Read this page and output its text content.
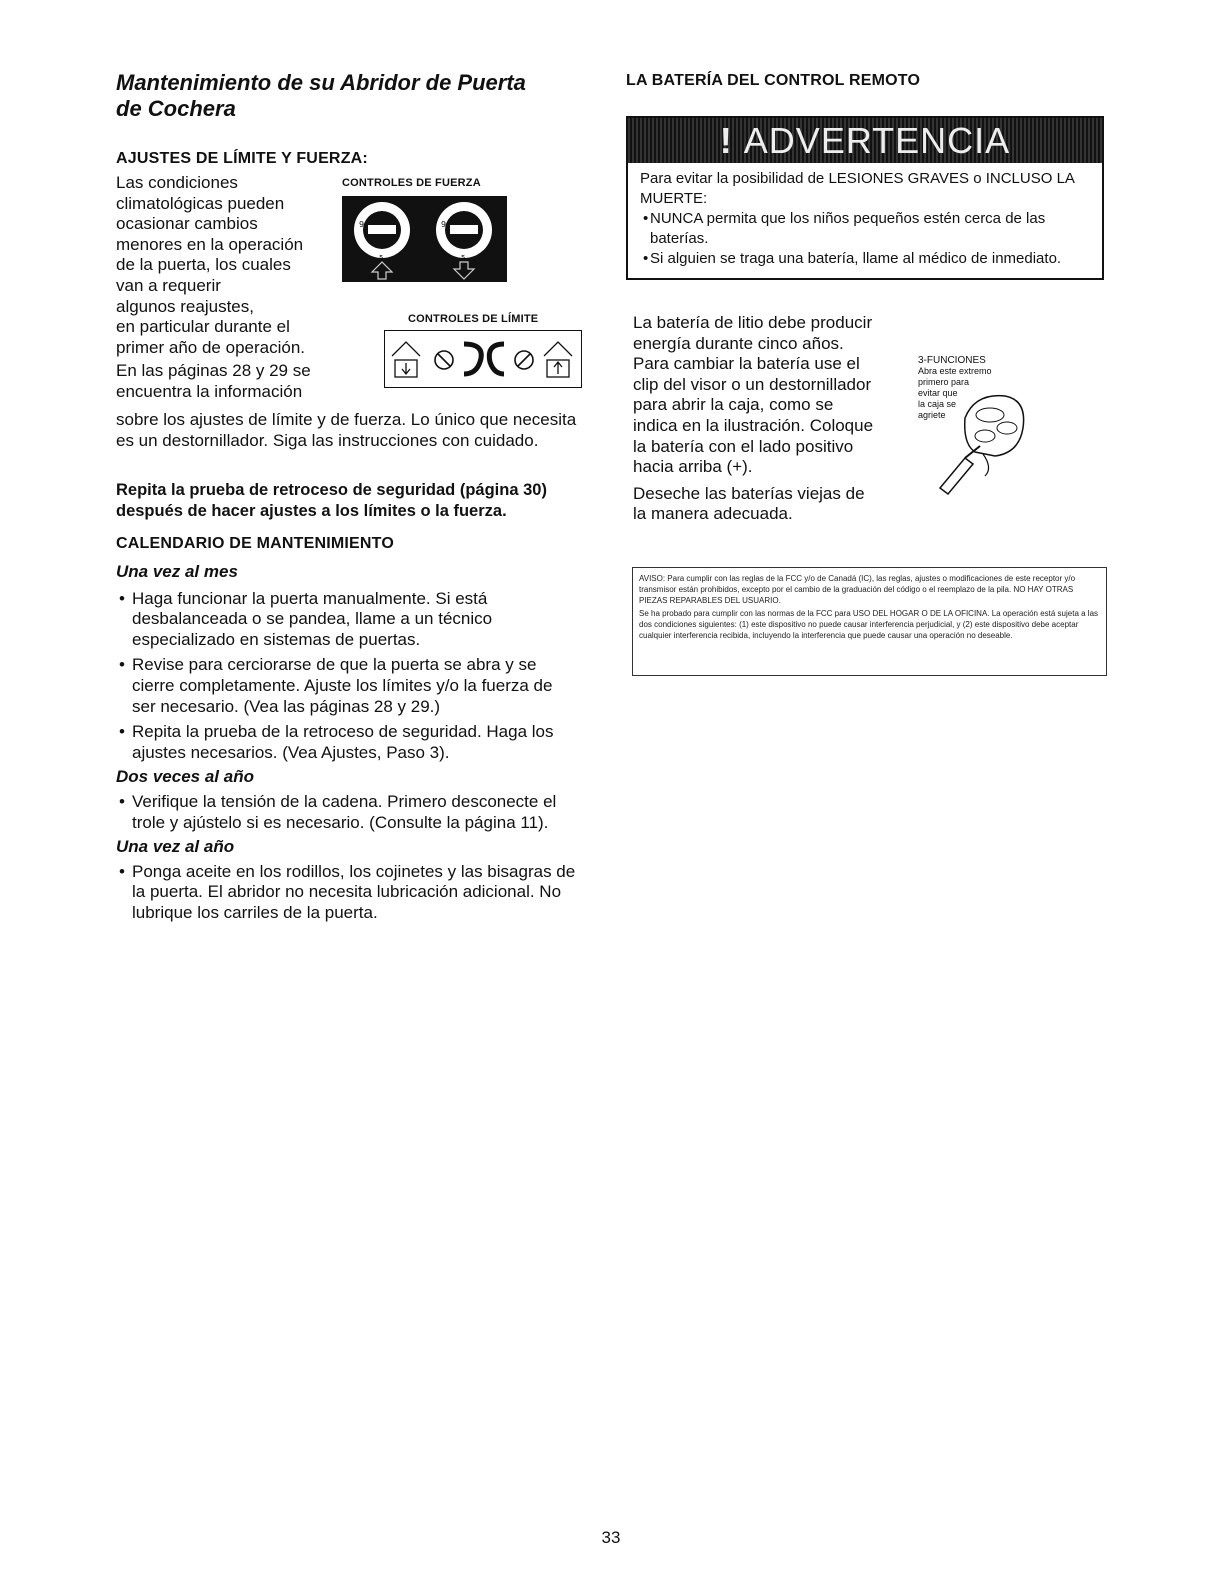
Mantenimiento de su Abridor de Puerta de Cochera
AJUSTES DE LÍMITE Y FUERZA:
Las condiciones
climatológicas pueden
ocasionar cambios
menores en la operación
de la puerta, los cuales
van a requerir
algunos reajustes,
en particular durante el
primer año de operación.
En las páginas 28 y 29 se
encuentra la información
CONTROLES DE FUERZA
9
5
9
5
CONTROLES DE LÍMITE
sobre los ajustes de límite y de fuerza. Lo único que necesita es un destornillador. Siga las instrucciones con cuidado.
Repita la prueba de retroceso de seguridad (página 30) después de hacer ajustes a los límites o la fuerza.
CALENDARIO DE MANTENIMIENTO
Una vez al mes
• Haga funcionar la puerta manualmente. Si está desbalanceada o se pandea, llame a un técnico especializado en sistemas de puertas.
• Revise para cerciorarse de que la puerta se abra y se cierre completamente. Ajuste los límites y/o la fuerza de ser necesario. (Vea las páginas 28 y 29.)
• Repita la prueba de la retroceso de seguridad. Haga los ajustes necesarios. (Vea Ajustes, Paso 3).
Dos veces al año
• Verifique la tensión de la cadena. Primero desconecte el trole y ajústelo si es necesario. (Consulte la página 11).
Una vez al año
• Ponga aceite en los rodillos, los cojinetes y las bisagras de la puerta. El abridor no necesita lubricación adicional. No lubrique los carriles de la puerta.
LA BATERÍA DEL CONTROL REMOTO
! ADVERTENCIA
Para evitar la posibilidad de LESIONES GRAVES o INCLUSO LA MUERTE:
• NUNCA permita que los niños pequeños estén cerca de las baterías.
• Si alguien se traga una batería, llame al médico de inmediato.
La batería de litio debe producir
energía durante cinco años.
Para cambiar la batería use el
clip del visor o un destornillador
para abrir la caja, como se
indica en la ilustración. Coloque
la batería con el lado positivo
hacia arriba (+).
Deseche las baterías viejas de
la manera adecuada.
3-FUNCIONES
Abra este extremo
primero para
evitar que
la caja se
agriete

AVISO: Para cumplir con las reglas de la FCC y/o de Canadá (IC), las reglas, ajustes o modificaciones de este receptor y/o transmisor están prohibidos, excepto por el cambio de la graduación del código o el reemplazo de la pila. NO HAY OTRAS PIEZAS REPARABLES DEL USUARIO.

Se ha probado para cumplir con las normas de la FCC para USO DEL HOGAR O DE LA OFICINA. La operación está sujeta a las dos condiciones siguientes: (1) este dispositivo no puede causar interferencia perjudicial, y (2) este dispositivo debe aceptar cualquier interferencia recibida, incluyendo la interferencia que puede causar una operación no deseable.

33
